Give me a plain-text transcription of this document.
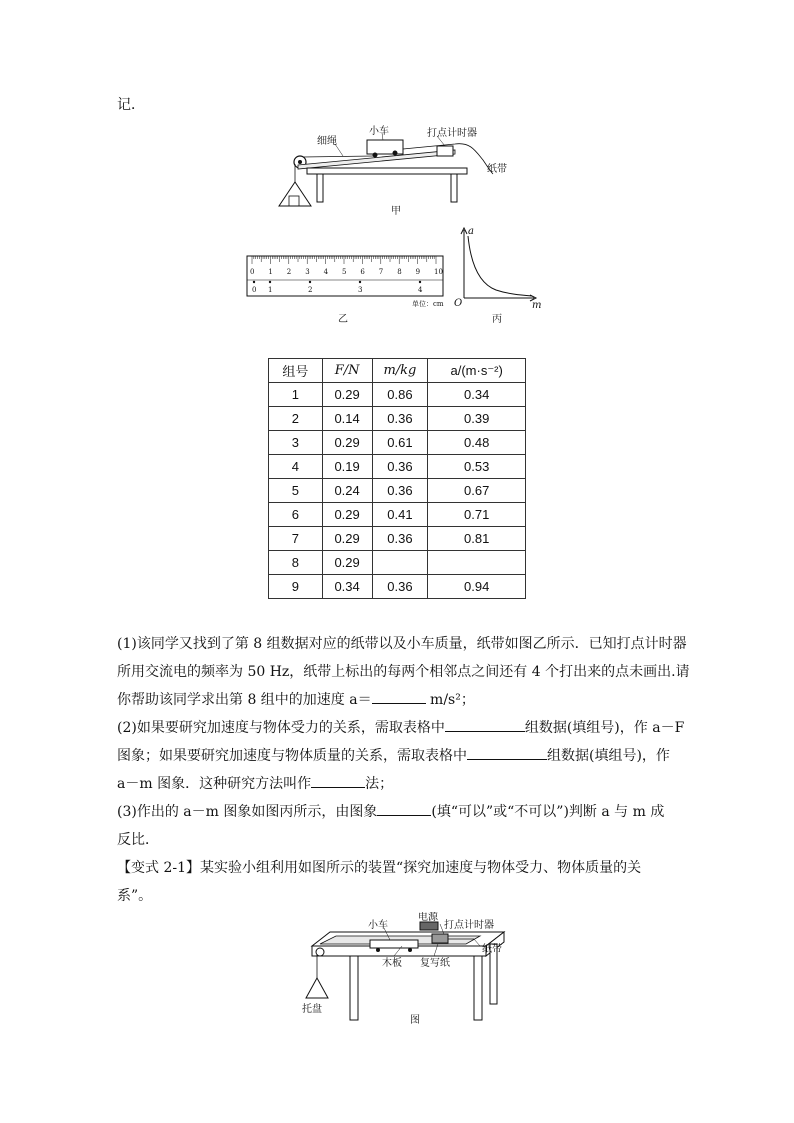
记．
细绳
小车	打点计时器
纸带
甲
0 1 2 3 4 5 6 7 8 9 10
0 1	2	3	4
单位：cm
乙
a
m
O
丙
组号	F/N	m/kg	a/(m·s⁻²)
1	0.29	0.86	0.34
2	0.14	0.36	0.39
3	0.29	0.61	0.48
4	0.19	0.36	0.53
5	0.24	0.36	0.67
6	0.29	0.41	0.71
7	0.29	0.36	0.81
8	0.29		
9	0.34	0.36	0.94
(1)该同学又找到了第 8 组数据对应的纸带以及小车质量，纸带如图乙所示．已知打点计时器
所用交流电的频率为 50 Hz，纸带上标出的每两个相邻点之间还有 4 个打出来的点未画出.请
你帮助该同学求出第 8 组中的加速度 a＝	m/s²；
(2)如果要研究加速度与物体受力的关系，需取表格中	组数据(填组号)，作 a－F
图象；如果要研究加速度与物体质量的关系，需取表格中	组数据(填组号)，作
a－m 图象．这种研究方法叫作	法；
(3)作出的 a－m 图象如图丙所示，由图象	(填“可以”或“不可以”)判断 a 与 m 成
反比．
【变式 2-1】某实验小组利用如图所示的装置“探究加速度与物体受力、物体质量的关
系”。
电源
打点计时器
小车
纸带
木板 复写纸
托盘
图
